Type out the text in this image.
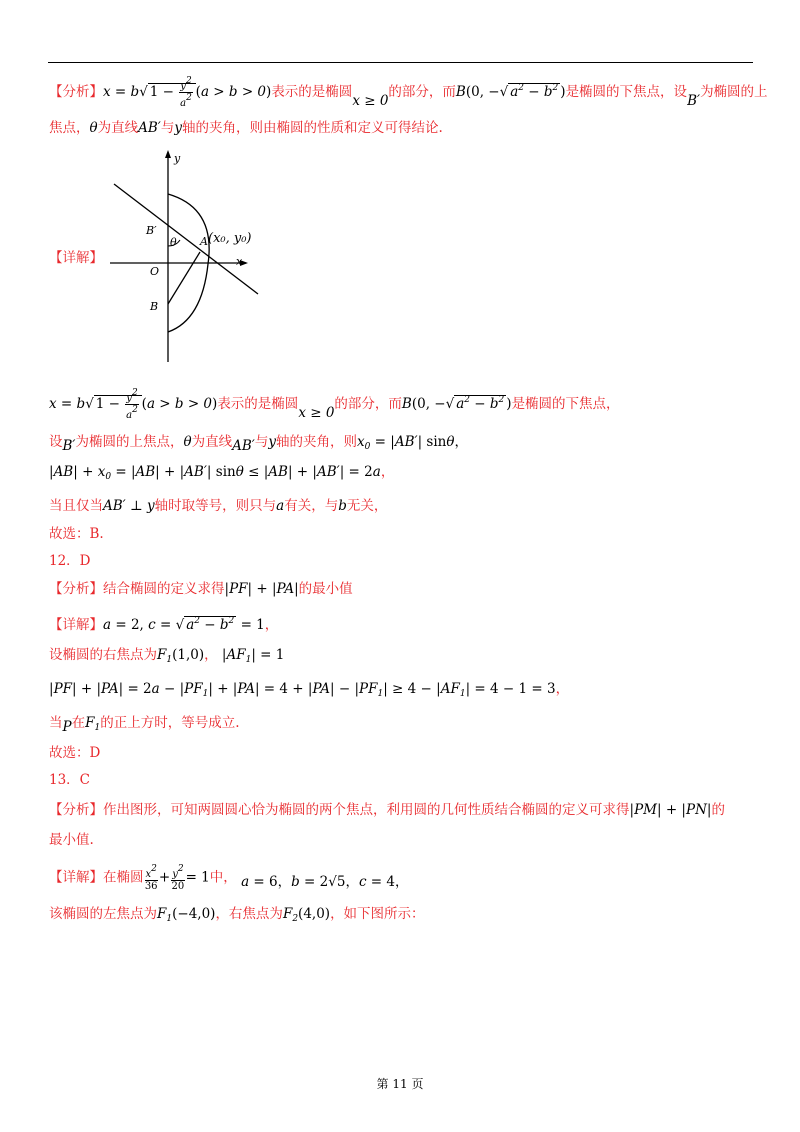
【分析】x = b√ $1 - \frac{y2}{a2} (a > b > 0)$表示的是椭圆x ≥ 0的部分，而B(0, −√ $a^2 - b^2$ )是椭圆的下焦点，设B′为椭圆的上
焦点，θ为直线AB′与y轴的夹角，则由椭圆的性质和定义可得结论.
【详解】
y
x
B′
θ A (x₀, y₀)
O
B
x = b√ $1 - \frac{y2}{a2} (a > b > 0)$表示的是椭圆x ≥ 0的部分，而B(0, −√ $a^2 - b^2$ )是椭圆的下焦点，
设B′为椭圆的上焦点，θ为直线AB′与y轴的夹角，则$x_0 = |AB'|$ sinθ，
$|AB| + x_0 = |AB| + |AB'|$ sinθ ≤ |AB| + |AB′| = 2a，
当且仅当AB′ ⊥ y轴时取等号，则只与a有关，与b无关，
故选：B.
12．D
【分析】结合椭圆的定义求得|PF| + |PA|的最小值
【详解】a = 2, c = √ $a^2 - b^2 = 1$，
设椭圆的右焦点为$F_1(1,0)$， $|AF_1| = 1$
$|PF| + |PA| = 2a - |PF_1| + |PA| = 4 + |PA| - |PF_1| \ge 4 - |AF_1| = 4 - 1 = 3$，
当P在$F_1$的正上方时，等号成立.
故选：D
13．C
【分析】作出图形，可知两圆圆心恰为椭圆的两个焦点，利用圆的几何性质结合椭圆的定义可求得|PM| + |PN|的
最小值.
【详解】在椭圆 $\frac{x2}{36} + \frac{y2}{20} = 1$中， a = 6，b = 2√5，c = 4，
该椭圆的左焦点为$F_1(-4,0)$，右焦点为$F_2(4,0)$，如下图所示：
第 11 页
